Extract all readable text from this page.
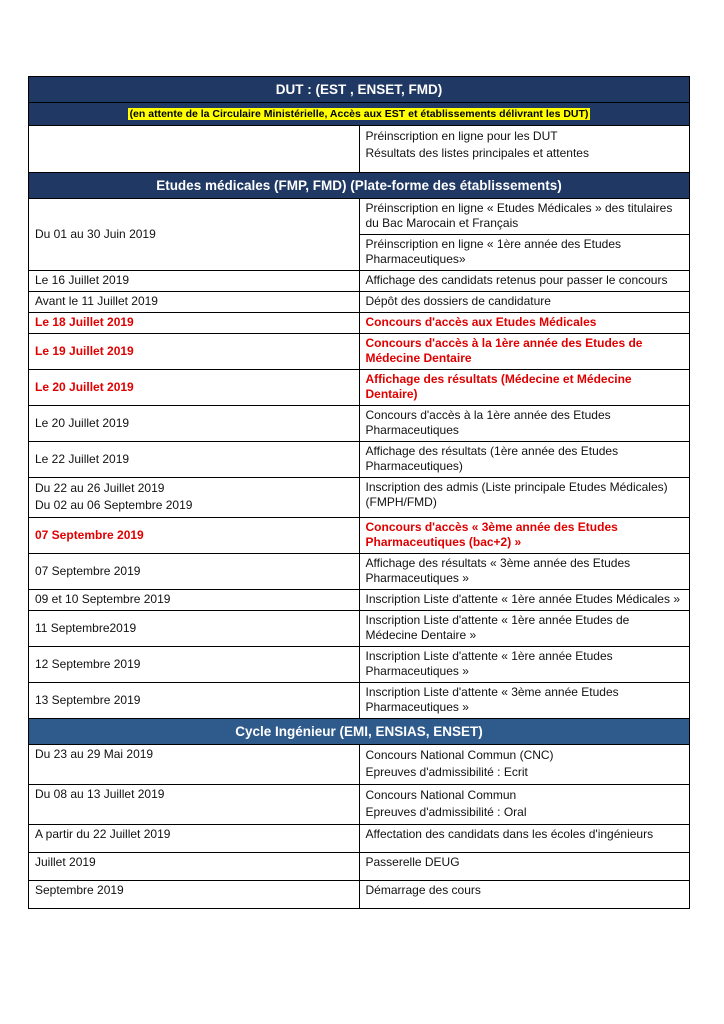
DUT : (EST , ENSET, FMD)	
(en attente de la Circulaire Ministérielle, Accès aux EST et établissements délivrant les DUT)	

	Préinscription en ligne pour les DUT
Résultats des listes principales et attentes

Etudes médicales (FMP, FMD) (Plate-forme des établissements)	
Du 01 au 30 Juin 2019	Préinscription en ligne « Etudes Médicales » des titulaires du Bac Marocain et Français
Préinscription en ligne « 1ère année des Etudes Pharmaceutiques»

Le 16 Juillet 2019	Affichage des candidats retenus pour passer le concours
Avant le 11 Juillet 2019	Dépôt des dossiers de candidature
Le 18 Juillet 2019	Concours d'accès aux Etudes Médicales
Le 19 Juillet 2019	Concours d'accès à la 1ère année des Etudes de Médecine Dentaire
Le 20 Juillet 2019	Affichage des résultats (Médecine et Médecine Dentaire)
Le 20 Juillet 2019	Concours d'accès à la 1ère année des Etudes Pharmaceutiques
Le 22 Juillet 2019	Affichage des résultats (1ère année des Etudes Pharmaceutiques)

Du 22 au 26 Juillet 2019
Du 02 au 06 Septembre 2019	Inscription des admis (Liste principale Etudes Médicales) (FMPH/FMD)
07 Septembre 2019	Concours d'accès « 3ème année des Etudes Pharmaceutiques (bac+2) »
07 Septembre 2019	Affichage des résultats « 3ème année des Etudes Pharmaceutiques »
09 et 10 Septembre 2019	Inscription Liste d'attente « 1ère année Etudes Médicales »
11 Septembre2019	Inscription Liste d'attente « 1ère année Etudes de Médecine Dentaire »
12 Septembre 2019	Inscription Liste d'attente « 1ère année Etudes Pharmaceutiques »
13 Septembre 2019	Inscription Liste d'attente « 3ème année Etudes Pharmaceutiques »
Cycle Ingénieur (EMI, ENSIAS, ENSET)	
Du 23 au 29 Mai 2019	Concours National Commun (CNC)
Epreuves d'admissibilité : Ecrit

Du 08 au 13 Juillet 2019	Concours National Commun
Epreuves d'admissibilité : Oral

A partir du 22 Juillet 2019	Affectation des candidats dans les écoles d'ingénieurs
Juillet 2019	Passerelle DEUG
Septembre 2019	Démarrage des cours
